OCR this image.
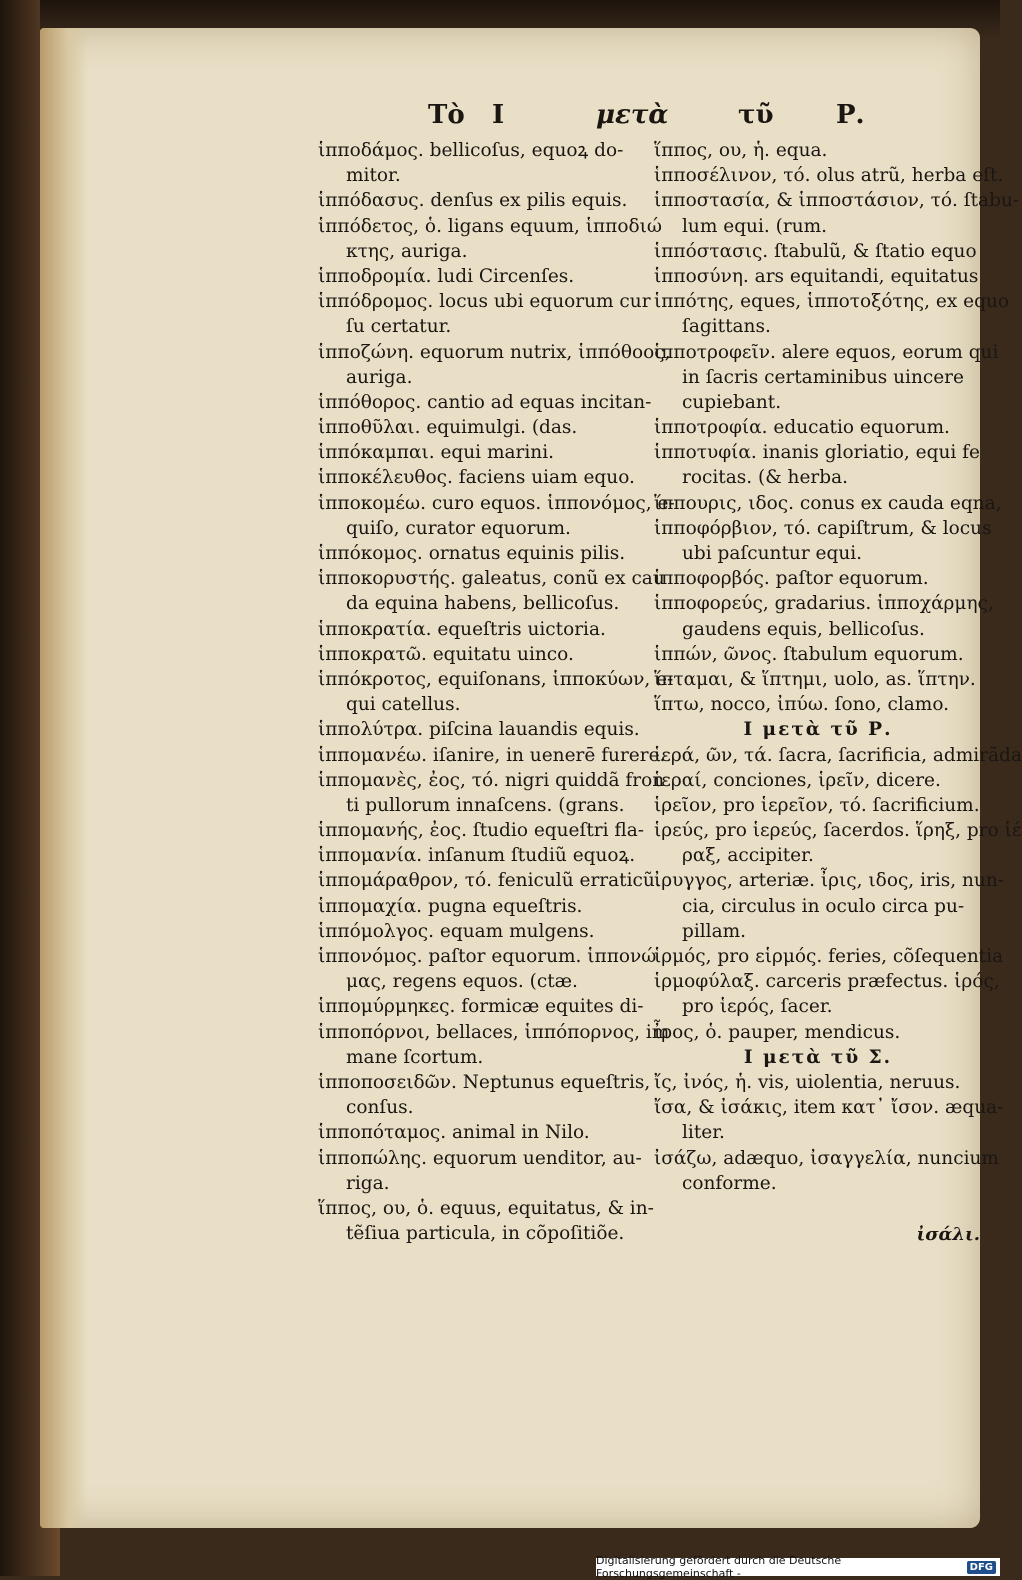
Τὸ Ι	μετὰ	τῦ Ρ.
ἱπποδάμος. bellicoſus, equoꝝ do-
mitor.
ἱππόδασυς. denſus ex pilis equis.
ἱππόδετος, ὁ. ligans equum, ἱπποδιώ
κτης, auriga.
ἱπποδρομία. ludi Circenſes.
ἱππόδρομος. locus ubi equorum cur
ſu certatur.
ἱπποζώνη. equorum nutrix, ἱππόθοος,
auriga.
ἱππόθορος. cantio ad equas incitan-
ἱπποθῦλαι. equimulgi. (das.
ἱππόκαμπαι. equi marini.
ἱπποκέλευθος. faciens uiam equo.
ἱπποκομέω. curo equos. ἱππονόμος, e-
quiſo, curator equorum.
ἱππόκομος. ornatus equinis pilis.
ἱπποκορυστής. galeatus, conũ ex cau
da equina habens, bellicoſus.
ἱπποκρατία. equeſtris uictoria.
ἱπποκρατῶ. equitatu uinco.
ἱππόκροτος, equiſonans, ἱπποκύων, e-
qui catellus.
ἱππολύτρα. piſcina lauandis equis.
ἱππομανέω. iſanire, in uenerē furere.
ἱππομανὲς, ἐος, τό. nigri quiddã fron
ti pullorum innaſcens. (grans.
ἱππομανής, ἐος. ſtudio equeſtri fla-
ἱππομανία. inſanum ſtudiũ equoꝝ.
ἱππομάραθρον, τό. feniculũ erraticũ.
ἱππομαχία. pugna equeſtris.
ἱππόμολγος. equam mulgens.
ἱππονόμος. paſtor equorum. ἱππονώ
μας, regens equos. (ctæ.
ἱππομύρμηκες. formicæ equites di-
ἱπποπόρνοι, bellaces, ἱππόπορνος, im
mane ſcortum.
ἱπποποσειδῶν. Neptunus equeſtris,
conſus.
ἱπποπόταμος. animal in Nilo.
ἱπποπώλης. equorum uenditor, au-
riga.
ἵππος, ου, ὁ. equus, equitatus, & in-
tẽſiua particula, in cõpoſitiõe.
ἵππος, ου, ἡ. equa.
ἱπποσέλινον, τό. olus atrũ, herba eſt.
ἱπποστασία, & ἱπποστάσιον, τό. ſtabu-
lum equi. (rum.
ἱππόστασις. ſtabulũ, & ſtatio equo
ἱπποσύνη. ars equitandi, equitatus
ἱππότης, eques, ἱπποτοξότης, ex equo
ſagittans.
ἱπποτροφεῖν. alere equos, eorum qui
in ſacris certaminibus uincere
cupiebant.
ἱπποτροφία. educatio equorum.
ἱπποτυφία. inanis gloriatio, equi fe
rocitas. (& herba.
ἵππουρις, ιδος. conus ex cauda eqna,
ἱπποφόρβιον, τό. capiſtrum, & locus
ubi paſcuntur equi.
ἱπποφορβός. paſtor equorum.
ἱπποφορεύς, gradarius. ἱπποχάρμης,
gaudens equis, bellicoſus.
ἱππών, ῶνος. ſtabulum equorum.
ἵπταμαι, & ἵπτημι, uolo, as. ἵπτην.
ἵπτω, nocco, ἰπύω. ſono, clamo.
Ι μετὰ τῦ Ρ.
ἱερά, ῶν, τά. ſacra, ſacrificia, admirãda
ἱεραί, conciones, ἱρεῖν, dicere.
ἱρεῖον, pro ἱερεῖον, τό. ſacrificium.
ἱρεύς, pro ἱερεύς, ſacerdos. ἵρηξ, pro ἱέ
ραξ, accipiter.
ἰρυγγος, arteriæ. ἶρις, ιδος, iris, nun-
cia, circulus in oculo circa pu-
pillam.
ἱρμός, pro εἱρμός. feries, cõſequentia
ἱρμοφύλαξ. carceris præfectus. ἱρός,
pro ἱερός, ſacer.
ἶρος, ὁ. pauper, mendicus.
Ι μετὰ τῦ Σ.
ἴς, ἰνός, ἡ. vis, uiolentia, neruus.
ἴσα, & ἰσάκις, item κατ᾽ ἴσον. æqua-
liter.
ἰσάζω, adæquo, ἰσαγγελία, nuncium
conforme.
ἰσάλι.
Digitalisierung gefördert durch die Deutsche Forschungsgemeinschaft -	DFG
